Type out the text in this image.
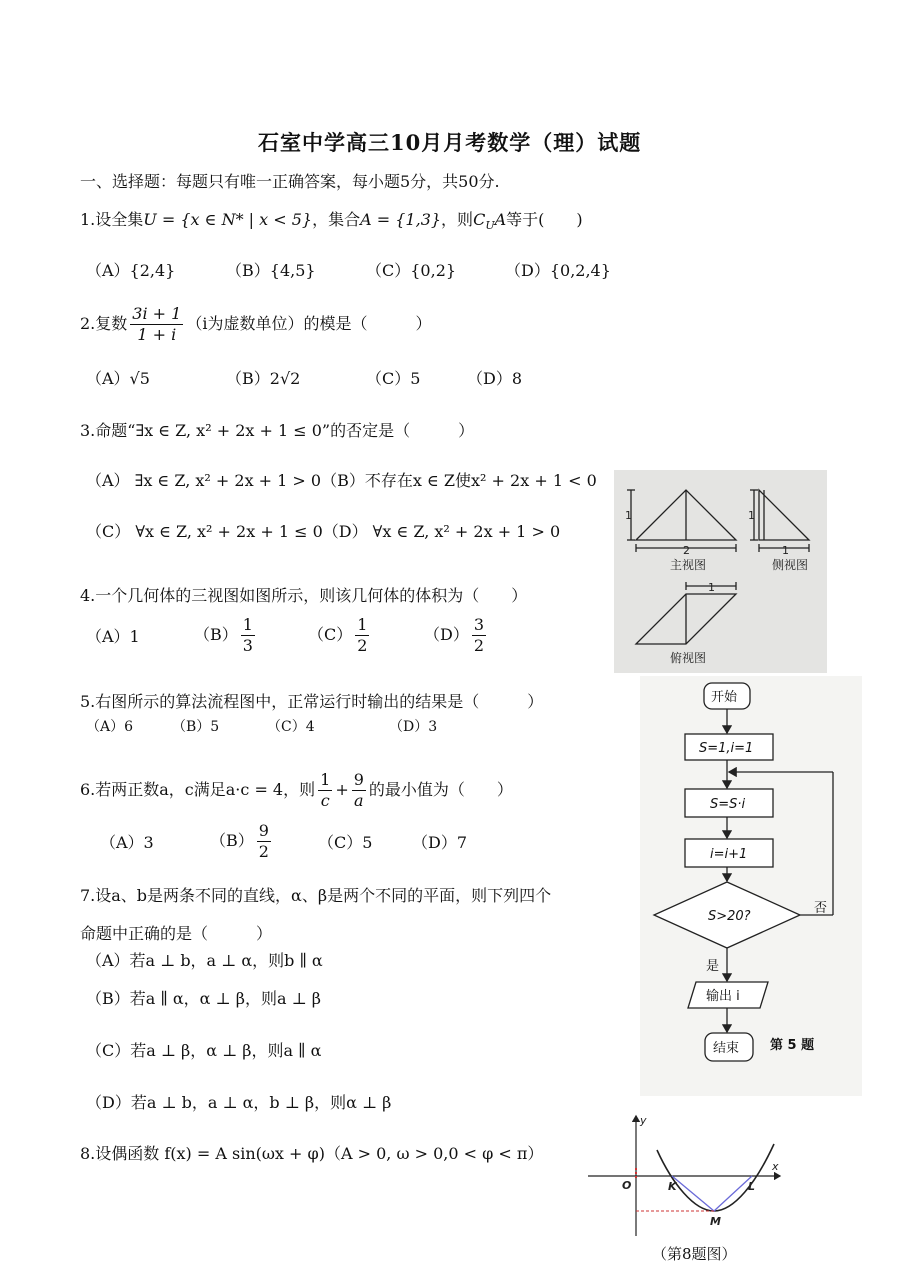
石室中学高三10月月考数学（理）试题
一、选择题：每题只有唯一正确答案，每小题5分，共50分.
1.设全集U = {x ∈ N* | x < 5}，集合A = {1,3}，则$C_UA$等于(　　)
（A）{2,4}	（B）{4,5}	（C）{0,2}	（D）{0,2,4}
2.复数 $\frac{3i + 1}{1 + i} (i$为虚数单位）的模是（　　　）
（A）√5	（B）2√2	（C）5	（D）8
3.命题“∃x ∈ Z, x² + 2x + 1 ≤ 0”的否定是（　　　）
（A） ∃x ∈ Z, x² + 2x + 1 > 0（B）不存在x ∈ Z使x² + 2x + 1 < 0
（C） ∀x ∈ Z, x² + 2x + 1 ≤ 0（D） ∀x ∈ Z, x² + 2x + 1 > 0
1
2
1
1
1
主视图	侧视图
俯视图
4.一个几何体的三视图如图所示，则该几何体的体积为（　　）
（A）1	$(B) \frac{1}{3}$	$(C) \frac{1}{2}$	$(D) \frac{3}{2}$
开始
S=1,i=1
S=S·i
i=i+1
S>20?
否
是
输出 i
结束 第 5 题
5.右图所示的算法流程图中，正常运行时输出的结果是（　　　）
（A）6	（B）5	（C）4	（D）3
6.若两正数a，c满足a·c = 4，则 $\frac{1}{c} + \frac{9}{a}$ 的最小值为（　　）
（A）3	$(B) \frac{9}{2}$	（C）5 （D）7
7.设a、b是两条不同的直线，α、β是两个不同的平面，则下列四个
命题中正确的是（　　　）
（A）若a ⊥ b，a ⊥ α，则b ∥ α
（B）若a ∥ α，α ⊥ β，则a ⊥ β
（C）若a ⊥ β，α ⊥ β，则a ∥ α
（D）若a ⊥ b，a ⊥ α，b ⊥ β，则α ⊥ β
8.设偶函数 f(x) = A sin(ωx + φ)（A > 0, ω > 0,0 < φ < π）
y
x
O	K	L
M
（第8题图）
